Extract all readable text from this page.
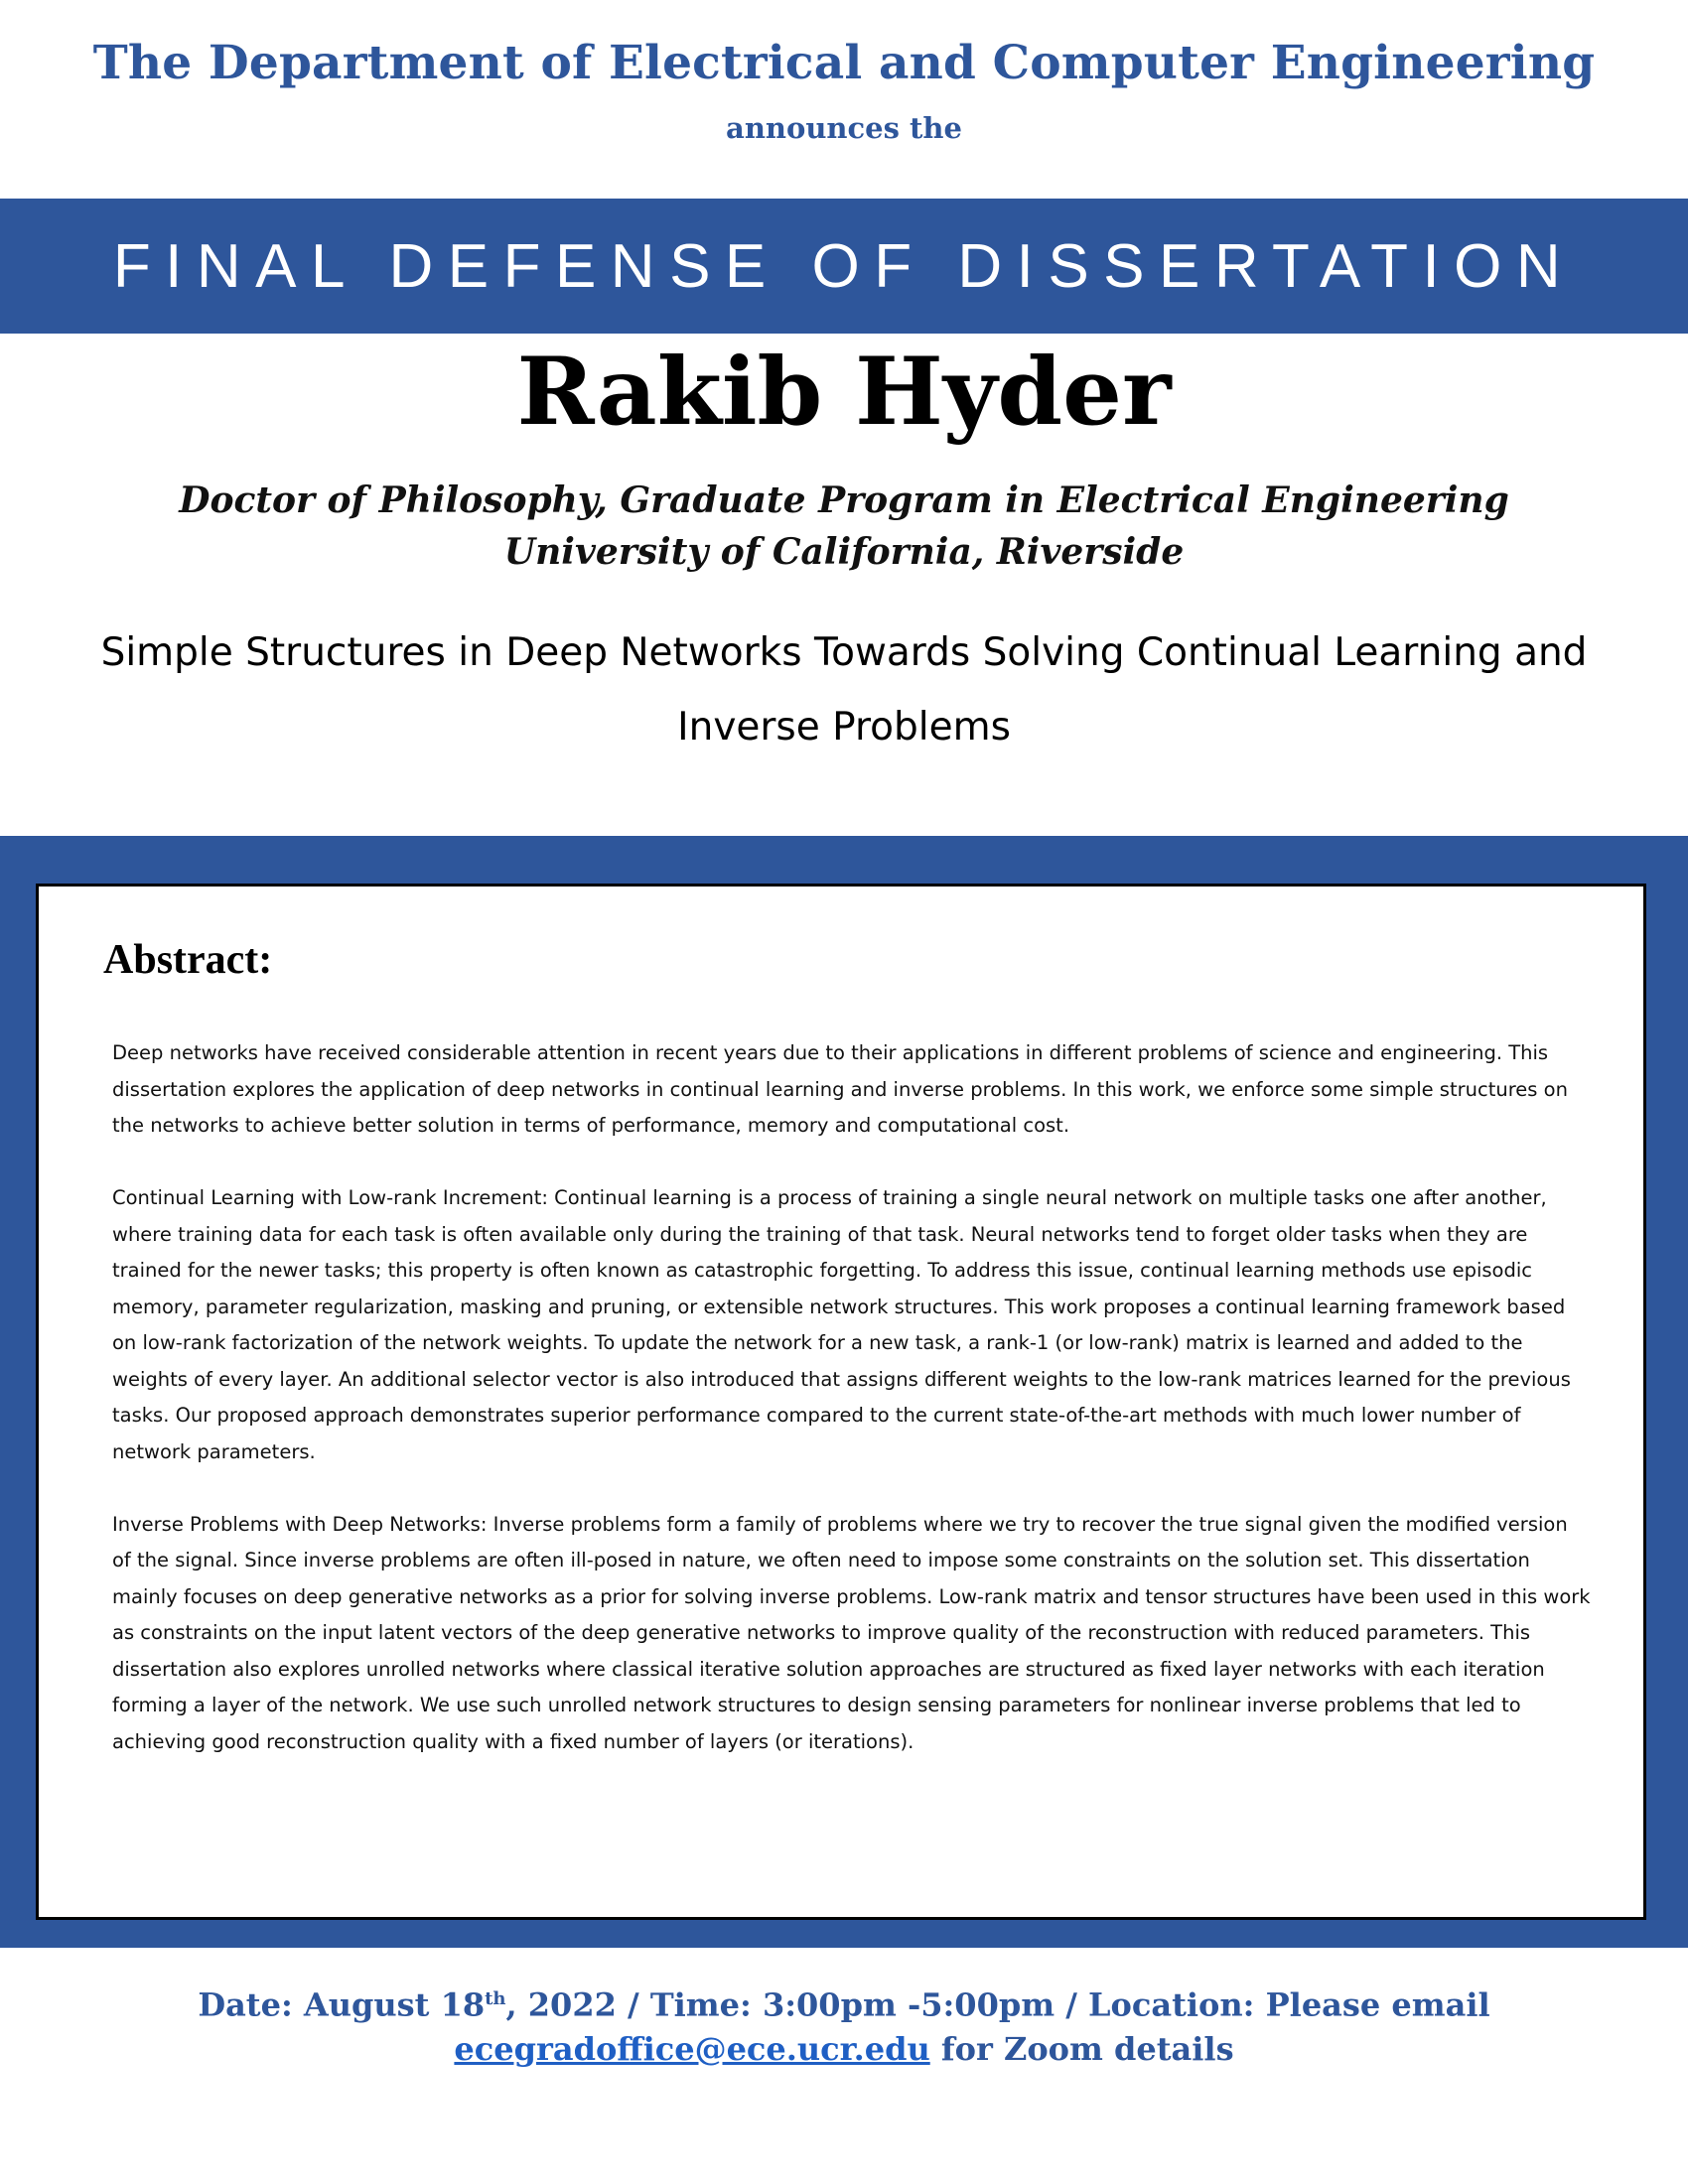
The Department of Electrical and Computer Engineering
announces the
FINAL DEFENSE OF DISSERTATION
Rakib Hyder
Doctor of Philosophy, Graduate Program in Electrical Engineering
University of California, Riverside
Simple Structures in Deep Networks Towards Solving Continual Learning and Inverse Problems
Abstract:

Deep networks have received considerable attention in recent years due to their applications in different problems of science and engineering. This dissertation explores the application of deep networks in continual learning and inverse problems. In this work, we enforce some simple structures on the networks to achieve better solution in terms of performance, memory and computational cost.

Continual Learning with Low-rank Increment: Continual learning is a process of training a single neural network on multiple tasks one after another, where training data for each task is often available only during the training of that task. Neural networks tend to forget older tasks when they are trained for the newer tasks; this property is often known as catastrophic forgetting. To address this issue, continual learning methods use episodic memory, parameter regularization, masking and pruning, or extensible network structures. This work proposes a continual learning framework based on low-rank factorization of the network weights. To update the network for a new task, a rank-1 (or low-rank) matrix is learned and added to the weights of every layer. An additional selector vector is also introduced that assigns different weights to the low-rank matrices learned for the previous tasks. Our proposed approach demonstrates superior performance compared to the current state-of-the-art methods with much lower number of network parameters.

Inverse Problems with Deep Networks: Inverse problems form a family of problems where we try to recover the true signal given the modified version of the signal. Since inverse problems are often ill-posed in nature, we often need to impose some constraints on the solution set. This dissertation mainly focuses on deep generative networks as a prior for solving inverse problems. Low-rank matrix and tensor structures have been used in this work as constraints on the input latent vectors of the deep generative networks to improve quality of the reconstruction with reduced parameters. This dissertation also explores unrolled networks where classical iterative solution approaches are structured as fixed layer networks with each iteration forming a layer of the network. We use such unrolled network structures to design sensing parameters for nonlinear inverse problems that led to achieving good reconstruction quality with a fixed number of layers (or iterations).

Date: August 18th, 2022 / Time: 3:00pm -5:00pm / Location: Please email
ecegradoffice@ece.ucr.edu for Zoom details
